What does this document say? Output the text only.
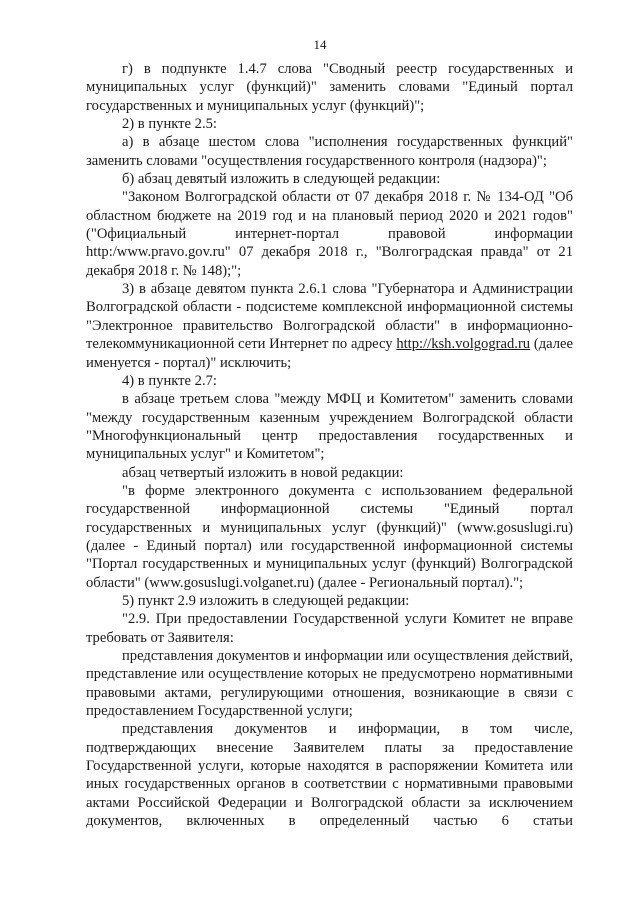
14

г) в подпункте 1.4.7 слова "Сводный реестр государственных и муниципальных услуг (функций)" заменить словами "Единый портал государственных и муниципальных услуг (функций)";

2) в пункте 2.5:

а) в абзаце шестом слова "исполнения государственных функций" заменить словами "осуществления государственного контроля (надзора)";

б) абзац девятый изложить в следующей редакции:

"Законом Волгоградской области от 07 декабря 2018 г. № 134-ОД "Об областном бюджете на 2019 год и на плановый период 2020 и 2021 годов" ("Официальный интернет-портал правовой информации http:/www.pravo.gov.ru" 07 декабря 2018 г., "Волгоградская правда" от 21 декабря 2018 г. № 148);";

3) в абзаце девятом пункта 2.6.1 слова "Губернатора и Администрации Волгоградской области - подсистеме комплексной информационной системы "Электронное правительство Волгоградской области" в информационно-телекоммуникационной сети Интернет по адресу http://ksh.volgograd.ru (далее именуется - портал)" исключить;

4) в пункте 2.7:

в абзаце третьем слова "между МФЦ и Комитетом" заменить словами "между государственным казенным учреждением Волгоградской области "Многофункциональный центр предоставления государственных и муниципальных услуг" и Комитетом";

абзац четвертый изложить в новой редакции:

"в форме электронного документа с использованием федеральной государственной информационной системы "Единый портал государственных и муниципальных услуг (функций)" (www.gosuslugi.ru) (далее - Единый портал) или государственной информационной системы "Портал государственных и муниципальных услуг (функций) Волгоградской области" (www.gosuslugi.volganet.ru) (далее - Региональный портал).";

5) пункт 2.9 изложить в следующей редакции:

"2.9. При предоставлении Государственной услуги Комитет не вправе требовать от Заявителя:

представления документов и информации или осуществления действий, представление или осуществление которых не предусмотрено нормативными правовыми актами, регулирующими отношения, возникающие в связи с предоставлением Государственной услуги;

представления документов и информации, в том числе, подтверждающих внесение Заявителем платы за предоставление Государственной услуги, которые находятся в распоряжении Комитета или иных государственных органов в соответствии с нормативными правовыми актами Российской Федерации и Волгоградской области за исключением документов, включенных в определенный частью 6 статьи
